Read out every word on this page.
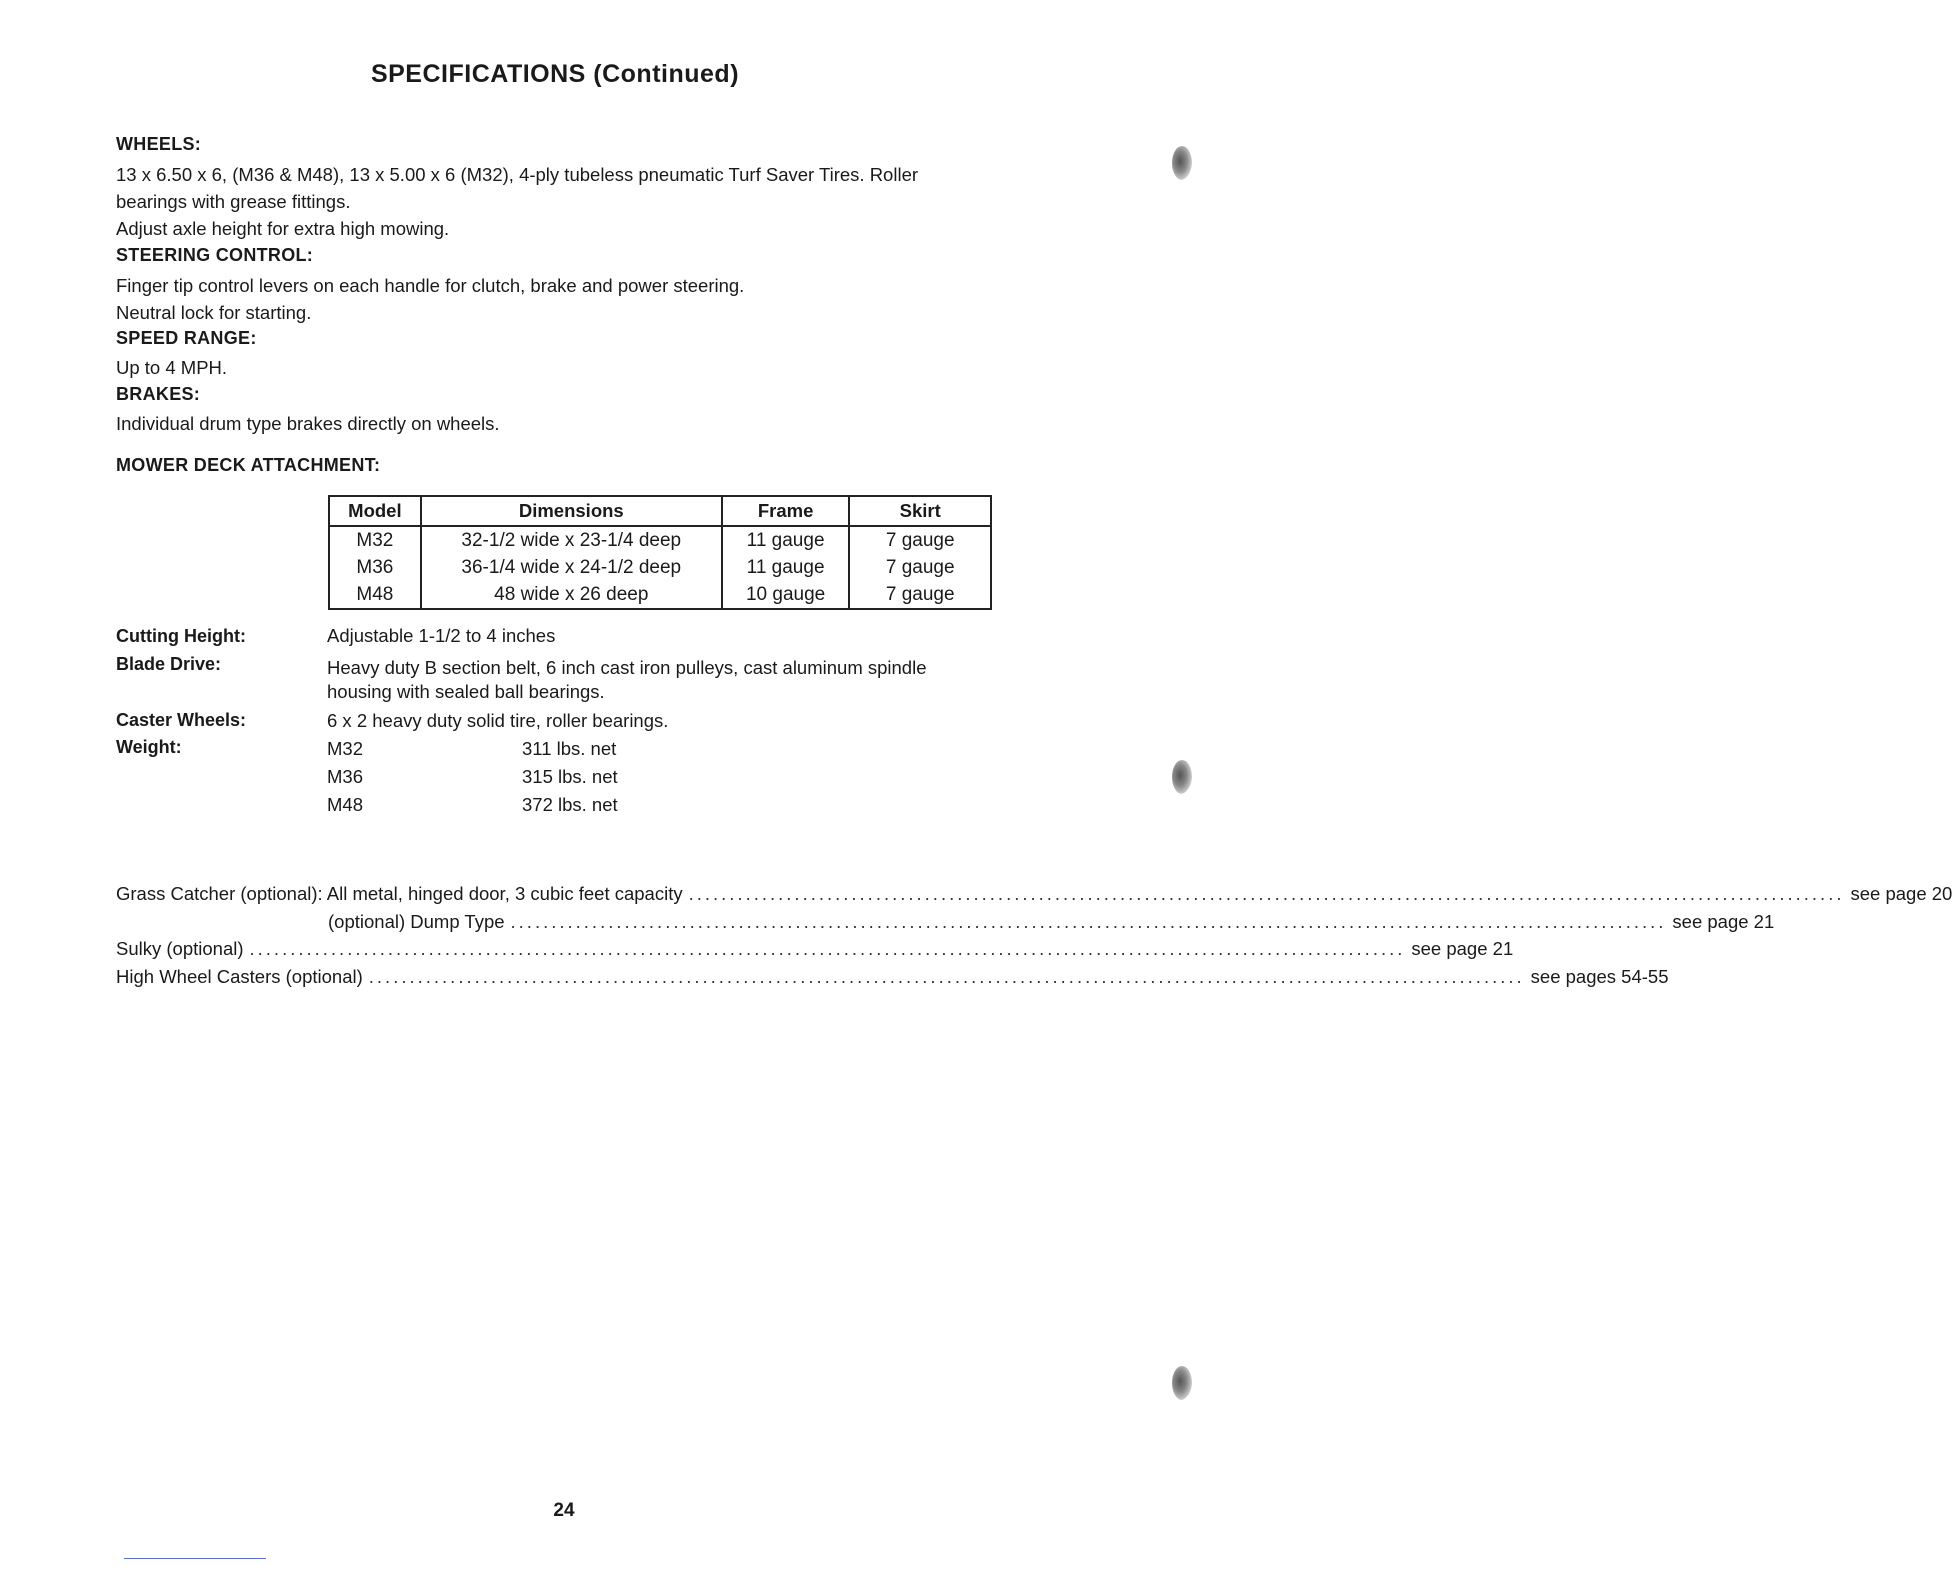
SPECIFICATIONS (Continued)
WHEELS:
13 x 6.50 x 6, (M36 & M48), 13 x 5.00 x 6 (M32), 4-ply tubeless pneumatic Turf Saver Tires. Roller
bearings with grease fittings.
Adjust axle height for extra high mowing.
STEERING CONTROL:
Finger tip control levers on each handle for clutch, brake and power steering.
Neutral lock for starting.
SPEED RANGE:
Up to 4 MPH.
BRAKES:
Individual drum type brakes directly on wheels.
MOWER DECK ATTACHMENT:
Model	Dimensions	Frame	Skirt
M32	32-1/2 wide x 23-1/4 deep	11 gauge	7 gauge
M36	36-1/4 wide x 24-1/2 deep	11 gauge	7 gauge
M48	48 wide x 26 deep	10 gauge	7 gauge
Cutting Height:	Adjustable 1-1/2 to 4 inches
Blade Drive:	Heavy duty B section belt, 6 inch cast iron pulleys, cast aluminum spindle
housing with sealed ball bearings.
Caster Wheels:	6 x 2 heavy duty solid tire, roller bearings.
Weight:	M32	311 lbs. net
M36	315 lbs. net
M48	372 lbs. net
Grass Catcher (optional): All metal, hinged door, 3 cubic feet capacity .............................................................................................................................................. see page 20
(optional) Dump Type .............................................................................................................................................. see page 21
Sulky (optional) .............................................................................................................................................. see page 21
High Wheel Casters (optional) .............................................................................................................................................. see pages 54-55
24
